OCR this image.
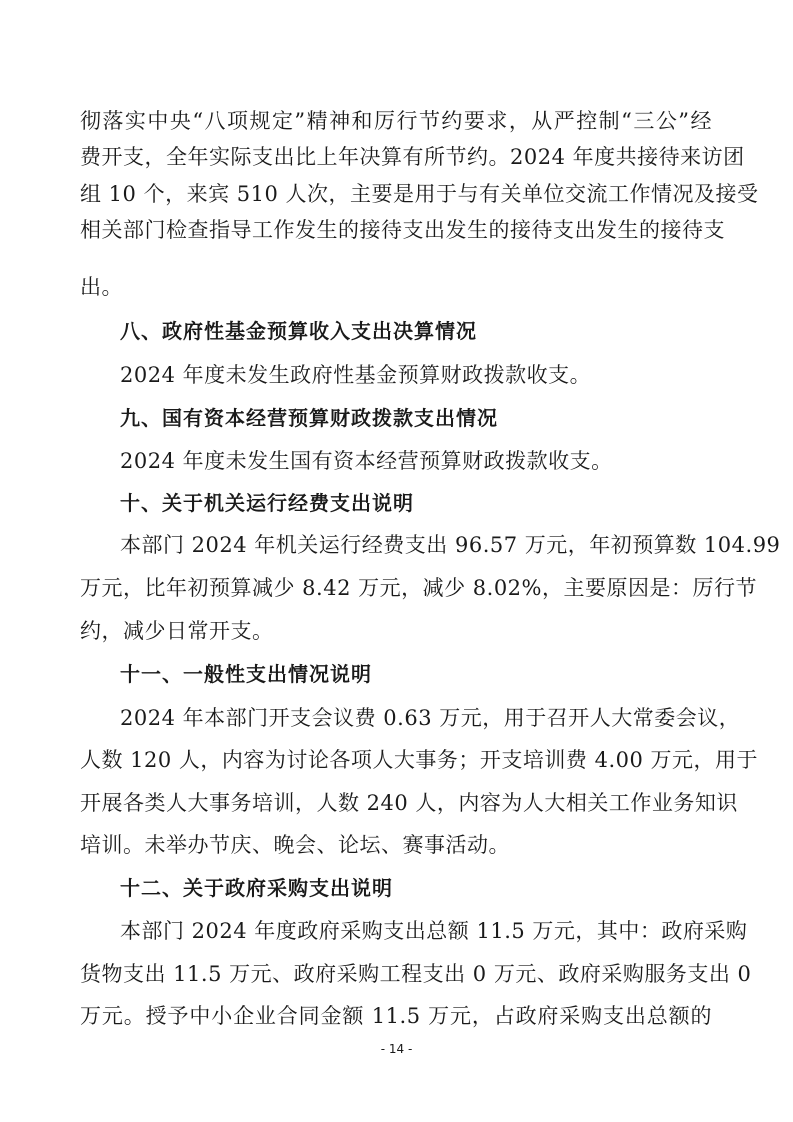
彻落实中央“八项规定”精神和厉行节约要求，从严控制“三公”经
费开支，全年实际支出比上年决算有所节约。2024 年度共接待来访团
组 10 个，来宾 510 人次，主要是用于与有关单位交流工作情况及接受
相关部门检查指导工作发生的接待支出发生的接待支出发生的接待支
出。
八、政府性基金预算收入支出决算情况
2024 年度未发生政府性基金预算财政拨款收支。
九、国有资本经营预算财政拨款支出情况
2024 年度未发生国有资本经营预算财政拨款收支。
十、关于机关运行经费支出说明
本部门 2024 年机关运行经费支出 96.57 万元，年初预算数 104.99
万元，比年初预算减少 8.42 万元，减少 8.02%，主要原因是：厉行节
约，减少日常开支。
十一、一般性支出情况说明
2024 年本部门开支会议费 0.63 万元，用于召开人大常委会议，
人数 120 人，内容为讨论各项人大事务；开支培训费 4.00 万元，用于
开展各类人大事务培训，人数 240 人，内容为人大相关工作业务知识
培训。未举办节庆、晚会、论坛、赛事活动。
十二、关于政府采购支出说明
本部门 2024 年度政府采购支出总额 11.5 万元，其中：政府采购
货物支出 11.5 万元、政府采购工程支出 0 万元、政府采购服务支出 0
万元。授予中小企业合同金额 11.5 万元，占政府采购支出总额的
- 14 -
